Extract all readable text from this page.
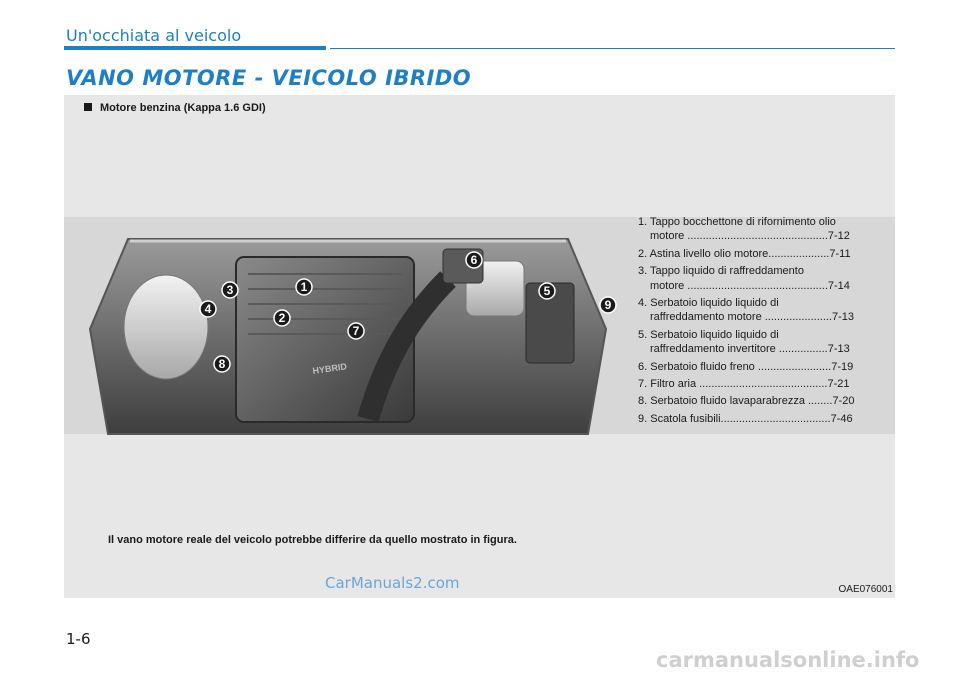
Un'occhiata al veicolo
VANO MOTORE - VEICOLO IBRIDO
Motore benzina (Kappa 1.6 GDI)
HYBRID
1
2
3
4
5
6
7
8
9
1. Tappo bocchettone di rifornimento olio
motore ..............................................7-12
2. Astina livello olio motore....................7-11
3. Tappo liquido di raffreddamento
motore ..............................................7-14
4. Serbatoio liquido liquido di
raffreddamento motore ......................7-13
5. Serbatoio liquido liquido di
raffreddamento invertitore ................7-13
6. Serbatoio fluido freno ........................7-19
7. Filtro aria ..........................................7-21
8. Serbatoio fluido lavaparabrezza ........7-20
9. Scatola fusibili....................................7-46
Il vano motore reale del veicolo potrebbe differire da quello mostrato in figura.
CarManuals2.com	OAE076001
1-6
carmanualsonline.info
